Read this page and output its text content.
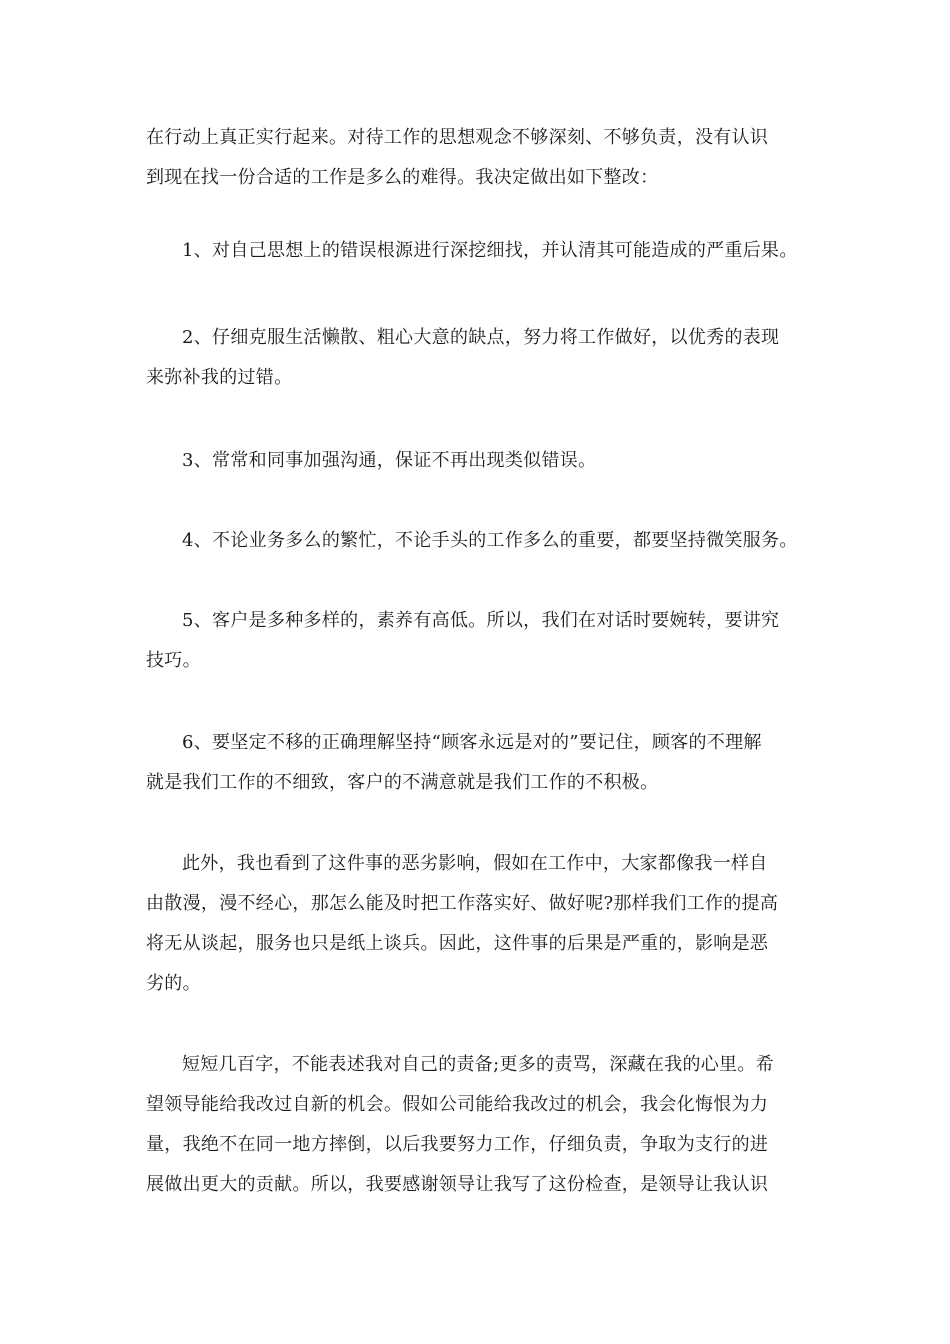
在行动上真正实行起来。对待工作的思想观念不够深刻、不够负责，没有认识
到现在找一份合适的工作是多么的难得。我决定做出如下整改：
1、对自己思想上的错误根源进行深挖细找，并认清其可能造成的严重后果。
2、仔细克服生活懒散、粗心大意的缺点，努力将工作做好，以优秀的表现
来弥补我的过错。
3、常常和同事加强沟通，保证不再出现类似错误。
4、不论业务多么的繁忙，不论手头的工作多么的重要，都要坚持微笑服务。
5、客户是多种多样的，素养有高低。所以，我们在对话时要婉转，要讲究
技巧。
6、要坚定不移的正确理解坚持“顾客永远是对的”要记住，顾客的不理解
就是我们工作的不细致，客户的不满意就是我们工作的不积极。
此外，我也看到了这件事的恶劣影响，假如在工作中，大家都像我一样自
由散漫，漫不经心，那怎么能及时把工作落实好、做好呢?那样我们工作的提高
将无从谈起，服务也只是纸上谈兵。因此，这件事的后果是严重的，影响是恶
劣的。
短短几百字，不能表述我对自己的责备;更多的责骂，深藏在我的心里。希
望领导能给我改过自新的机会。假如公司能给我改过的机会，我会化悔恨为力
量，我绝不在同一地方摔倒，以后我要努力工作，仔细负责，争取为支行的进
展做出更大的贡献。所以，我要感谢领导让我写了这份检查，是领导让我认识
